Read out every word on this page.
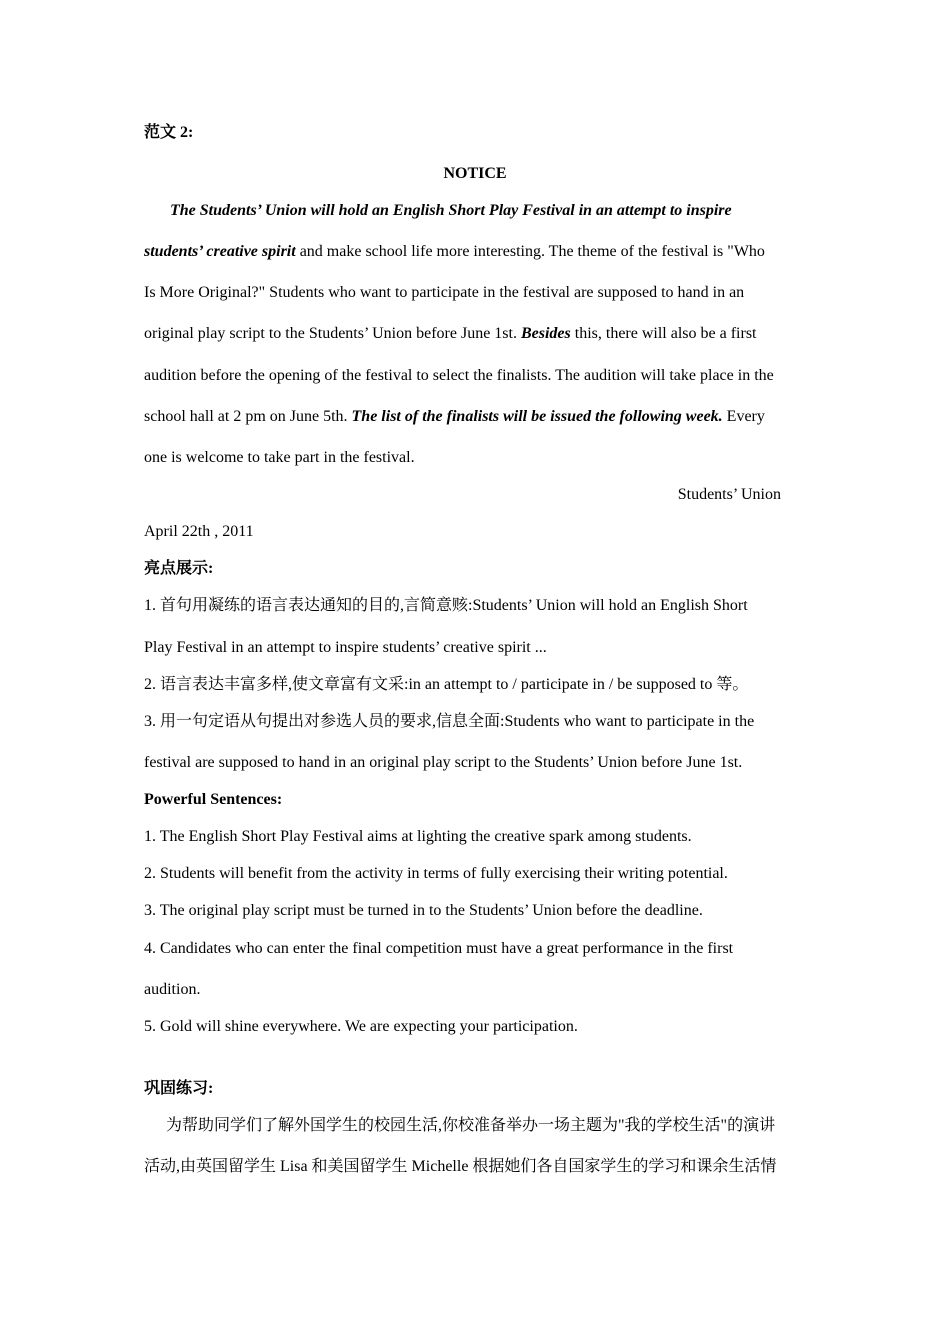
范文 2:
NOTICE
The Students’ Union will hold an English Short Play Festival in an attempt to inspire
students’ creative spirit and make school life more interesting. The theme of the festival is "Who
Is More Original?" Students who want to participate in the festival are supposed to hand in an
original play script to the Students’ Union before June 1st. Besides this, there will also be a first
audition before the opening of the festival to select the finalists. The audition will take place in the
school hall at 2 pm on June 5th. The list of the finalists will be issued the following week. Every
one is welcome to take part in the festival.
Students’ Union
April 22th , 2011
亮点展示:
1. 首句用凝练的语言表达通知的目的,言简意赅:Students’ Union will hold an English Short
Play Festival in an attempt to inspire students’ creative spirit ...
2. 语言表达丰富多样,使文章富有文采:in an attempt to / participate in / be supposed to 等。
3. 用一句定语从句提出对参选人员的要求,信息全面:Students who want to participate in the
festival are supposed to hand in an original play script to the Students’ Union before June 1st.
Powerful Sentences:
1. The English Short Play Festival aims at lighting the creative spark among students.
2. Students will benefit from the activity in terms of fully exercising their writing potential.
3. The original play script must be turned in to the Students’ Union before the deadline.
4. Candidates who can enter the final competition must have a great performance in the first
audition.
5. Gold will shine everywhere. We are expecting your participation.
巩固练习:
为帮助同学们了解外国学生的校园生活,你校准备举办一场主题为"我的学校生活"的演讲
活动,由英国留学生 Lisa 和美国留学生 Michelle 根据她们各自国家学生的学习和课余生活情
